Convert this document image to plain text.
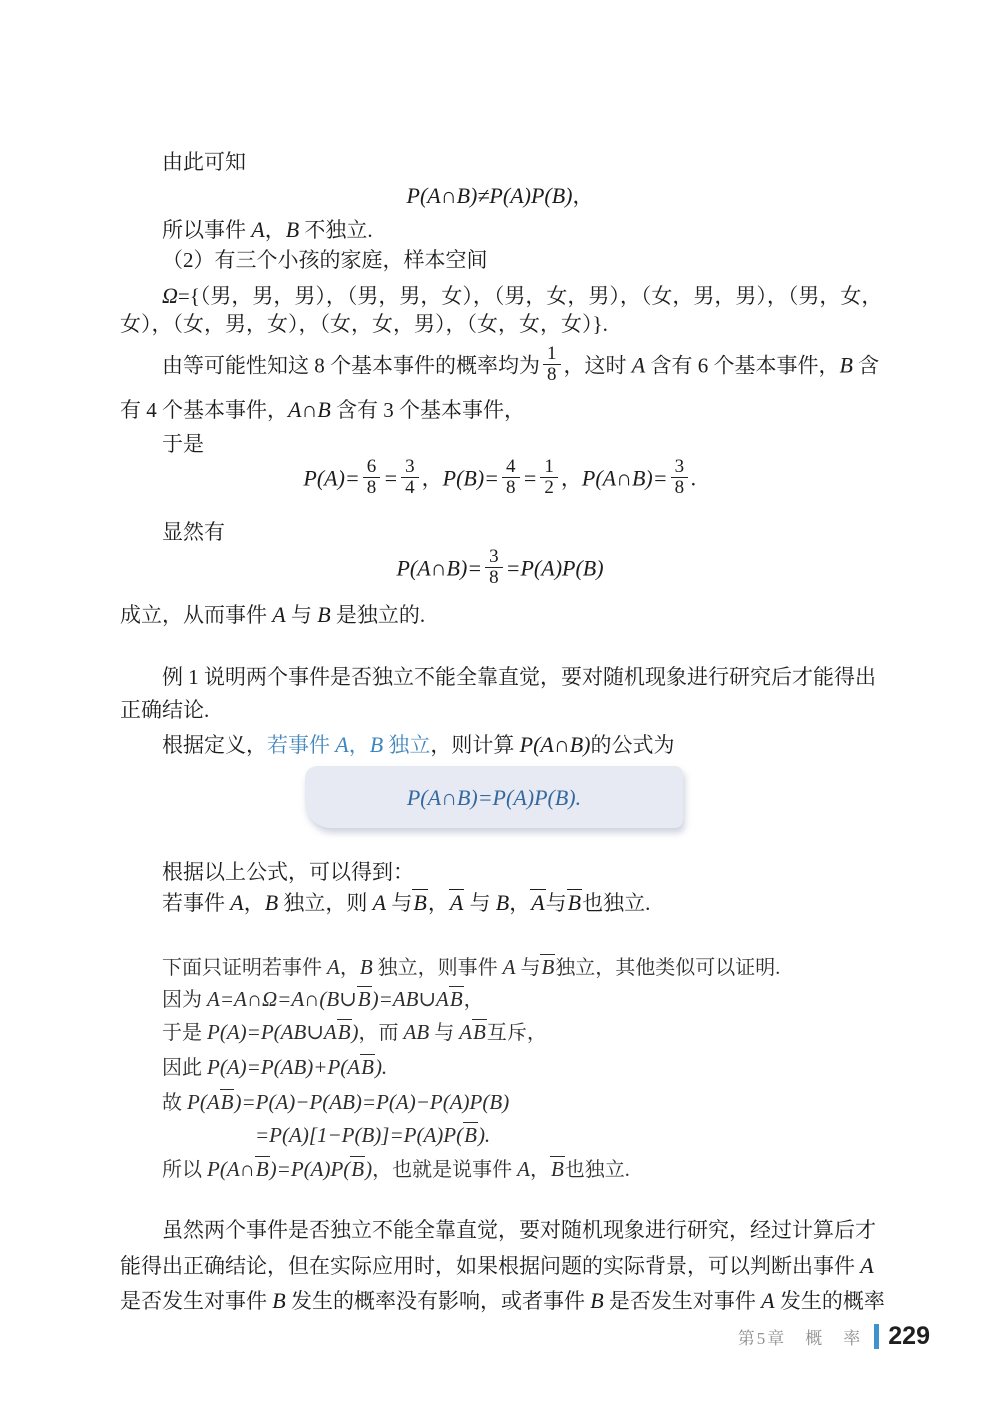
由此可知
P(A∩B)≠P(A)P(B)，
所以事件 A，B 不独立.
（2）有三个小孩的家庭，样本空间
Ω={（男，男，男），（男，男，女），（男，女，男），（女，男，男），（男，女，
女），（女，男，女），（女，女，男），（女，女，女）}.
由等可能性知这 8 个基本事件的概率均为 $\frac{1}{8}$ ，这时 A 含有 6 个基本事件，B 含
有 4 个基本事件，A∩B 含有 3 个基本事件，
于是
$P(A)= \frac{6}{8} = \frac{3}{4}$ ，$P(B)= \frac{4}{8} = \frac{1}{2}$ ，P(A∩B)= $\frac{3}{8}$ .
显然有
P(A∩B)= $\frac{3}{8} =P(A)P(B)$
成立，从而事件 A 与 B 是独立的.
例 1 说明两个事件是否独立不能全靠直觉，要对随机现象进行研究后才能得出
正确结论.
根据定义，若事件 A，B 独立，则计算 P(A∩B)的公式为
P(A∩B)=P(A)P(B).
根据以上公式，可以得到：
若事件 A，B 独立，则 A 与B，A 与 B，A与B也独立.
下面只证明若事件 A，B 独立，则事件 A 与B独立，其他类似可以证明.
因为 A=A∩Ω=A∩(B∪B)=AB∪AB，
于是 P(A)=P(AB∪AB)，而 AB 与 AB互斥，
因此 P(A)=P(AB)+P(AB).
故 P(AB)=P(A)−P(AB)=P(A)−P(A)P(B)
=P(A)[1−P(B)]=P(A)P(B).
所以 P(A∩B)=P(A)P(B)，也就是说事件 A，B也独立.
虽然两个事件是否独立不能全靠直觉，要对随机现象进行研究，经过计算后才
能得出正确结论，但在实际应用时，如果根据问题的实际背景，可以判断出事件 A
是否发生对事件 B 发生的概率没有影响，或者事件 B 是否发生对事件 A 发生的概率
第5章　概　率 229
